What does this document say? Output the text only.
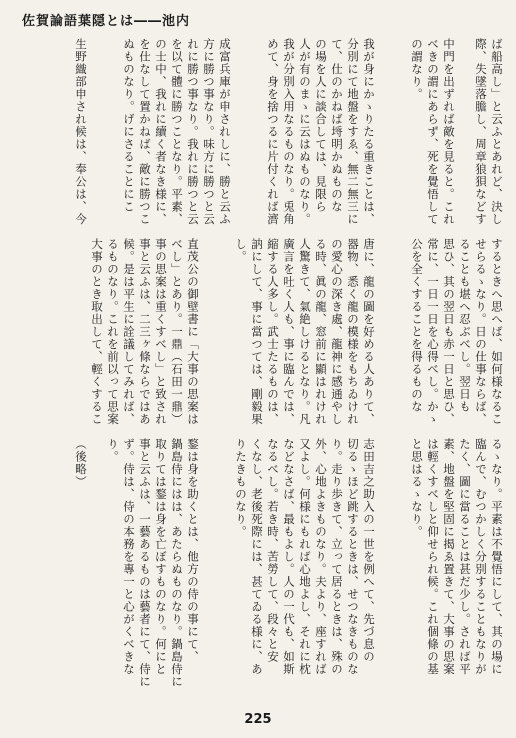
佐賀論語葉隠とは――池内
ば船高し」と云ふとあれど、決し
際、失墜落膽し、周章狼狽などす
中門を出ずれば敵を見ると。これ
べきの謂にあらず、死を覺悟して
の謂なり。
我が身にかゝりたる重きことは、
分別にて地盤をすゑ、無二無三に
て、仕のかねば埓明かぬものな
の場を人に談合しては、見限ら
人が有のまゝに云はぬものなり。
我が分別入用なるものなり。兎角
めて、身を捨つるに片付くれば濟
成富兵庫が申されしに、勝と云ふ
方に勝つ事なり。味方に勝つと云
れに勝つ事なり。我れに勝つと云
を以て體に勝つことなり。平素、
の士中、我れに續く者なき様に、
を仕なして置かねば、敵に勝つこ
ぬものなり。げにさることにこ
生野織部申され候は、奉公は、今
するときへ思へば、如何様なるこ
せらるゝなり。日の仕事ならば、
ることも堪へ忍ぶべし。翌日も
思ひ、其の翌日も赤一日と思ひ、
常に、一日一日を心得べし。かゝ
公を全くすることを得るものな
唐に、龍の圖を好める人ありて、
器物、悉く龍の模様をもちゐけれ
の愛心の深き處、龍神に感通やし
る時、眞の龍、窓前に顯はれけれ
人驚きて、氣絶しけるとなり。凡
廣言を吐く人も、事に臨んでは、
縮する人多し。武士たるものは、
訥にして、事に當つては、剛毅果
し。
直茂公の御壁書に「大事の思案は
べし」とあり。一鼎（石田一鼎）
事の思案は重くすべし」と致され
事と云ふは、二三ヶ條ならではあ
候。是は平生に詮議してみれば、
るものなり。これを前以って思案
大事のとき取出して、輕くするこ
るゝなり。平素は不覺悟にして、其の場に
臨んで、むつかしく分別することもなりが
たく、圖に當ることは甚だ少し。されば平
素、地盤を堅固に揭ゑ置きて、大事の思案
は輕くすべしと仰せられ候。これ個條の基
と思はるゝなり。
志田吉之助入の一世を例へて、先づ息の
切るゝほど跳するときは、せつなきものな
り。走り歩きて、立って居るときは、殊の
外、心地よきものなり。夫より、座すれば
又よし。何様にもれば心地よし、それに枕
などなさば、最もよし。人の一代も、如斯
なるべし。若き時、苦勞して、段々と安
くなし、老後死際には、甚てゐる様に、あ
りたきものなり。
鍪は身を助くとは、他方の侍の事にて、
鍋島侍にはは、あたらぬものなり。鍋島侍に
取りては鍪は身を亡ぼすものなり。何にと
事と云ふは、一藝あるものは藝者にて、侍に
ず。侍は、侍の本務を專一と心がくべきな
り。
（後略）
225
